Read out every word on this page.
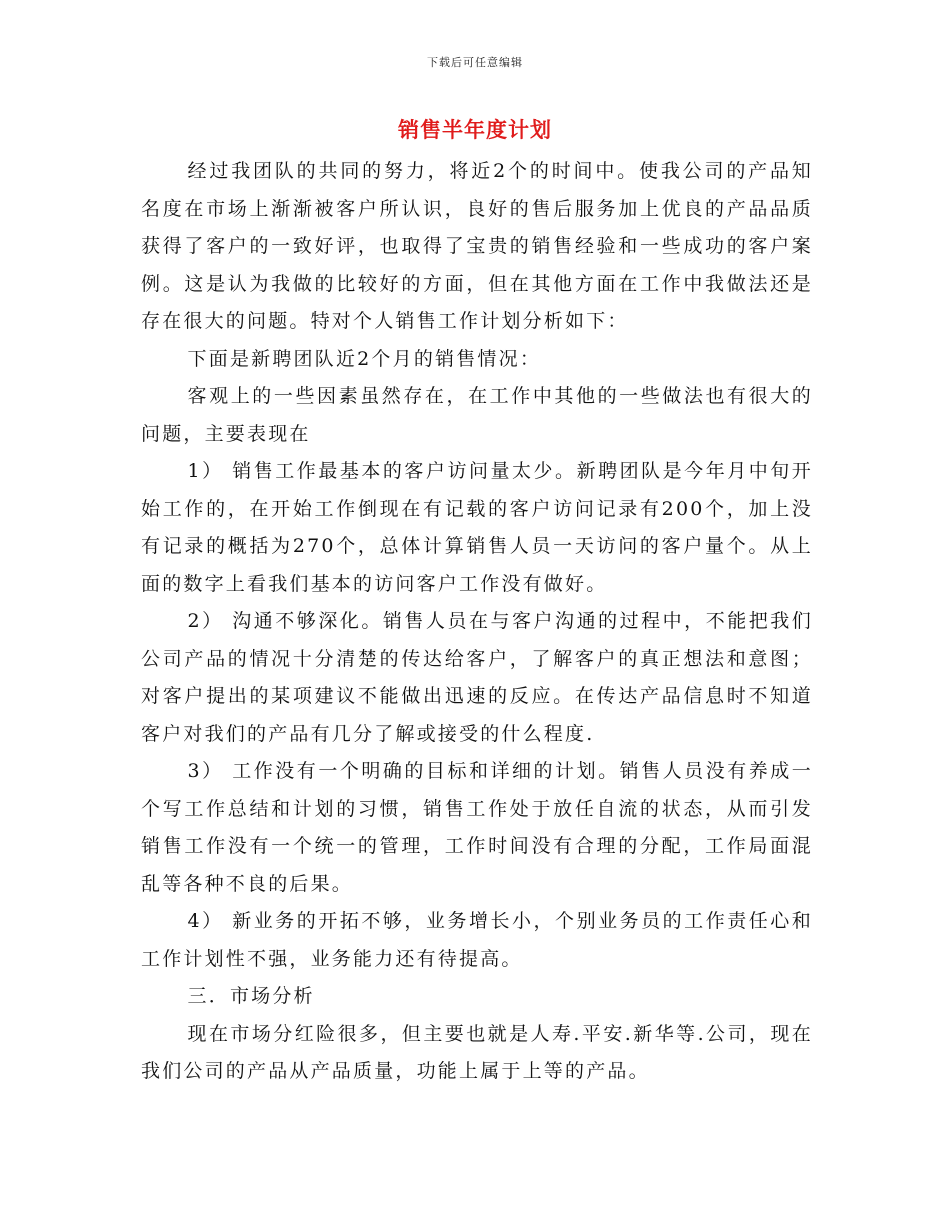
下载后可任意编辑
销售半年度计划

经过我团队的共同的努力，将近2个的时间中。使我公司的产品知名度在市场上渐渐被客户所认识，良好的售后服务加上优良的产品品质获得了客户的一致好评，也取得了宝贵的销售经验和一些成功的客户案例。这是认为我做的比较好的方面，但在其他方面在工作中我做法还是存在很大的问题。特对个人销售工作计划分析如下：

下面是新聘团队近2个月的销售情况：

客观上的一些因素虽然存在，在工作中其他的一些做法也有很大的问题，主要表现在

1） 销售工作最基本的客户访问量太少。新聘团队是今年月中旬开始工作的，在开始工作倒现在有记载的客户访问记录有200个，加上没有记录的概括为270个，总体计算销售人员一天访问的客户量个。从上面的数字上看我们基本的访问客户工作没有做好。

2） 沟通不够深化。销售人员在与客户沟通的过程中，不能把我们公司产品的情况十分清楚的传达给客户，了解客户的真正想法和意图；对客户提出的某项建议不能做出迅速的反应。在传达产品信息时不知道客户对我们的产品有几分了解或接受的什么程度.

3） 工作没有一个明确的目标和详细的计划。销售人员没有养成一个写工作总结和计划的习惯，销售工作处于放任自流的状态，从而引发销售工作没有一个统一的管理，工作时间没有合理的分配，工作局面混乱等各种不良的后果。

4） 新业务的开拓不够，业务增长小，个别业务员的工作责任心和工作计划性不强，业务能力还有待提高。

三．市场分析

现在市场分红险很多，但主要也就是人寿.平安.新华等.公司，现在我们公司的产品从产品质量，功能上属于上等的产品。
